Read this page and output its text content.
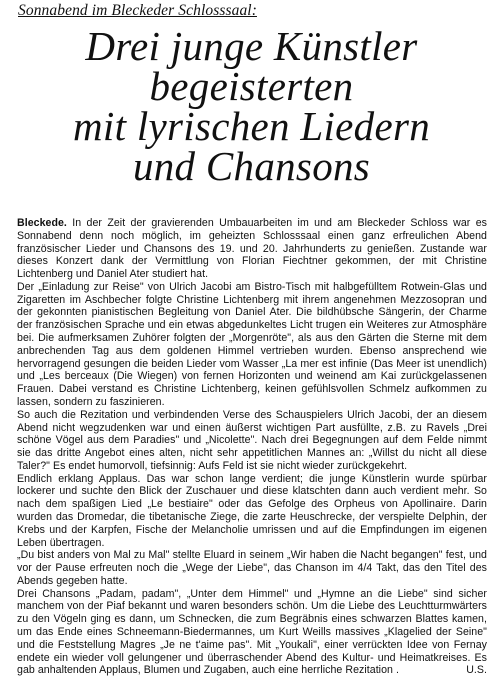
Sonnabend im Bleckeder Schlosssaal:
Drei junge Künstler
begeisterten
mit lyrischen Liedern
und Chansons

Bleckede. In der Zeit der gravierenden Umbauarbeiten im und am Bleckeder Schloss war es Sonnabend denn noch möglich, im geheizten Schlosssaal einen ganz erfreulichen Abend französischer Lieder und Chansons des 19. und 20. Jahrhunderts zu genießen. Zustande war dieses Konzert dank der Vermittlung von Florian Fiechtner gekommen, der mit Christine Lichtenberg und Daniel Ater studiert hat.

Der „Einladung zur Reise" von Ulrich Jacobi am Bistro-Tisch mit halbgefülltem Rotwein-Glas und Zigaretten im Aschbecher folgte Christine Lichtenberg mit ihrem angenehmen Mezzosopran und der gekonnten pianistischen Begleitung von Daniel Ater. Die bildhübsche Sängerin, der Charme der französischen Sprache und ein etwas abgedunkeltes Licht trugen ein Weiteres zur Atmosphäre bei. Die aufmerksamen Zuhörer folgten der „Morgenröte", als aus den Gärten die Sterne mit dem anbrechenden Tag aus dem goldenen Himmel vertrieben wurden. Ebenso ansprechend wie hervorragend gesungen die beiden Lieder vom Wasser „La mer est infinie (Das Meer ist unendlich) und „Les berceaux (Die Wiegen) von fernen Horizonten und weinend am Kai zurückgelassenen Frauen. Dabei verstand es Christine Lichtenberg, keinen gefühlsvollen Schmelz aufkommen zu lassen, sondern zu faszinieren.

So auch die Rezitation und verbindenden Verse des Schauspielers Ulrich Jacobi, der an diesem Abend nicht wegzudenken war und einen äußerst wichtigen Part ausfüllte, z.B. zu Ravels „Drei schöne Vögel aus dem Paradies" und „Nicolette". Nach drei Begegnungen auf dem Felde nimmt sie das dritte Angebot eines alten, nicht sehr appetitlichen Mannes an: „Willst du nicht all diese Taler?" Es endet humorvoll, tiefsinnig: Aufs Feld ist sie nicht wieder zurückgekehrt.

Endlich erklang Applaus. Das war schon lange verdient; die junge Künstlerin wurde spürbar lockerer und suchte den Blick der Zuschauer und diese klatschten dann auch verdient mehr. So nach dem spaßigen Lied „Le bestiaire" oder das Gefolge des Orpheus von Apollinaire. Darin wurden das Dromedar, die tibetanische Ziege, die zarte Heuschrecke, der verspielte Delphin, der Krebs und der Karpfen, Fische der Melancholie umrissen und auf die Empfindungen im eigenen Leben übertragen.

„Du bist anders von Mal zu Mal" stellte Eluard in seinem „Wir haben die Nacht begangen" fest, und vor der Pause erfreuten noch die „Wege der Liebe", das Chanson im 4/4 Takt, das den Titel des Abends gegeben hatte.

Drei Chansons „Padam, padam", „Unter dem Himmel" und „Hymne an die Liebe" sind sicher manchem von der Piaf bekannt und waren besonders schön. Um die Liebe des Leuchtturmwärters zu den Vögeln ging es dann, um Schnecken, die zum Begräbnis eines schwarzen Blattes kamen, um das Ende eines Schneemann-Biedermannes, um Kurt Weills massives „Klagelied der Seine" und die Feststellung Magres „Je ne t'aime pas". Mit „Youkali", einer verrückten Idee von Fernay endete ein wieder voll gelungener und überraschender Abend des Kultur- und Heimatkreises. Es gab anhaltenden Applaus, Blumen und Zugaben, auch eine herrliche Rezitation .	U.S.
